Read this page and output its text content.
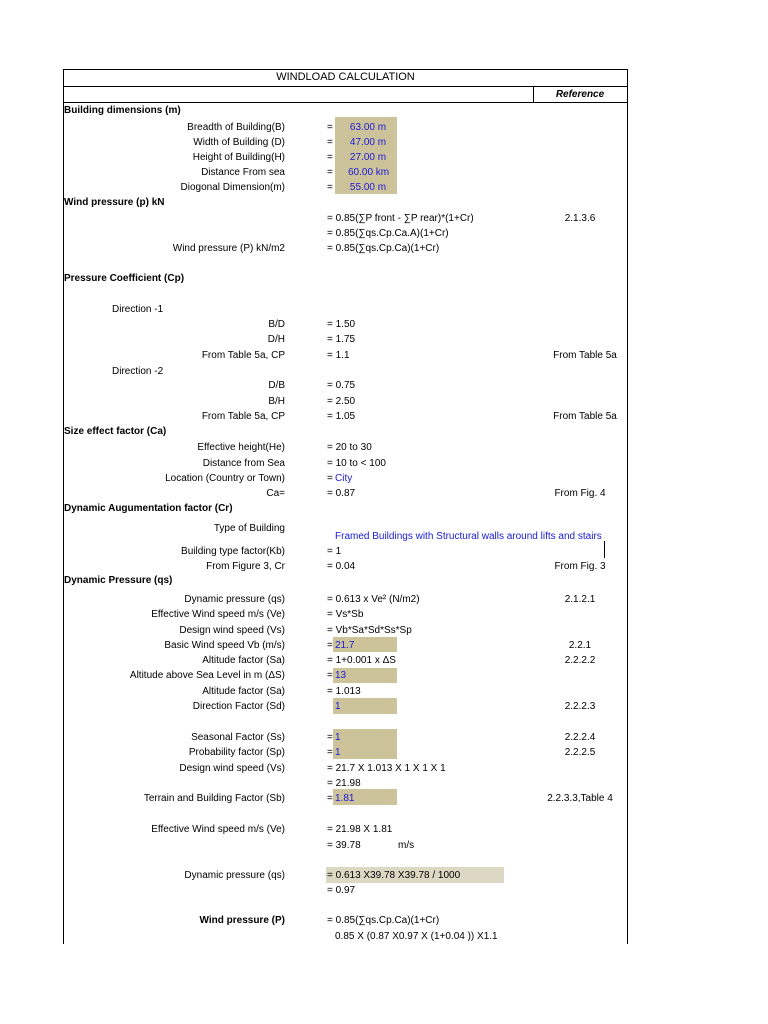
WINDLOAD CALCULATION
Reference
Building dimensions (m)
Breadth of Building(B)	= 63.00 m
Width of Building (D)	= 47.00 m
Height of Building(H)	= 27.00 m
Distance From sea	= 60.00 km
Diogonal Dimension(m)	= 55.00 m
Wind pressure (p) kN
= 0.85(∑P front - ∑P rear)*(1+Cr)	2.1.3.6
= 0.85(∑qs.Cp.Ca.A)(1+Cr)
Wind pressure (P) kN/m2	= 0.85(∑qs.Cp.Ca)(1+Cr)
Pressure Coefficient (Cp)
Direction -1
B/D	= 1.50
D/H	= 1.75
From Table 5a, CP	= 1.1	From Table 5a
Direction -2
D/B	= 0.75
B/H	= 2.50
From Table 5a, CP	= 1.05	From Table 5a
Size effect factor (Ca)
Effective height(He)	= 20 to 30
Distance from Sea	= 10 to < 100
Location (Country or Town)	= City
Ca=	= 0.87	From Fig. 4
Dynamic Augumentation factor (Cr)
Type of Building
Framed Buildings with Structural walls around lifts and stairs
Building type factor(Kb)	= 1
From Figure 3, Cr	= 0.04	From Fig. 3
Dynamic Pressure (qs)
Dynamic pressure (qs)	= 0.613 x Ve² (N/m2)	2.1.2.1
Effective Wind speed m/s (Ve)	= Vs*Sb
Design wind speed (Vs)	= Vb*Sa*Sd*Ss*Sp
Basic Wind speed Vb (m/s)	= 21.7	2.2.1
Altitude factor (Sa)	= 1+0.001 x ΔS	2.2.2.2
Altitude above Sea Level in m (ΔS)	= 13
Altitude factor (Sa)	= 1.013
Direction Factor (Sd)	1	2.2.2.3
Seasonal Factor (Ss)	= 1	2.2.2.4
Probability factor (Sp)	= 1	2.2.2.5
Design wind speed (Vs)	= 21.7 X 1.013 X 1 X 1 X 1
= 21.98
Terrain and Building Factor (Sb)	= 1.81	2.2.3.3,Table 4
Effective Wind speed m/s (Ve)	= 21.98 X 1.81
= 39.78	m/s
Dynamic pressure (qs)	= 0.613 X39.78 X39.78 / 1000
= 0.97
Wind pressure (P)	= 0.85(∑qs.Cp.Ca)(1+Cr)
0.85 X (0.87 X0.97 X (1+0.04 )) X1.1
